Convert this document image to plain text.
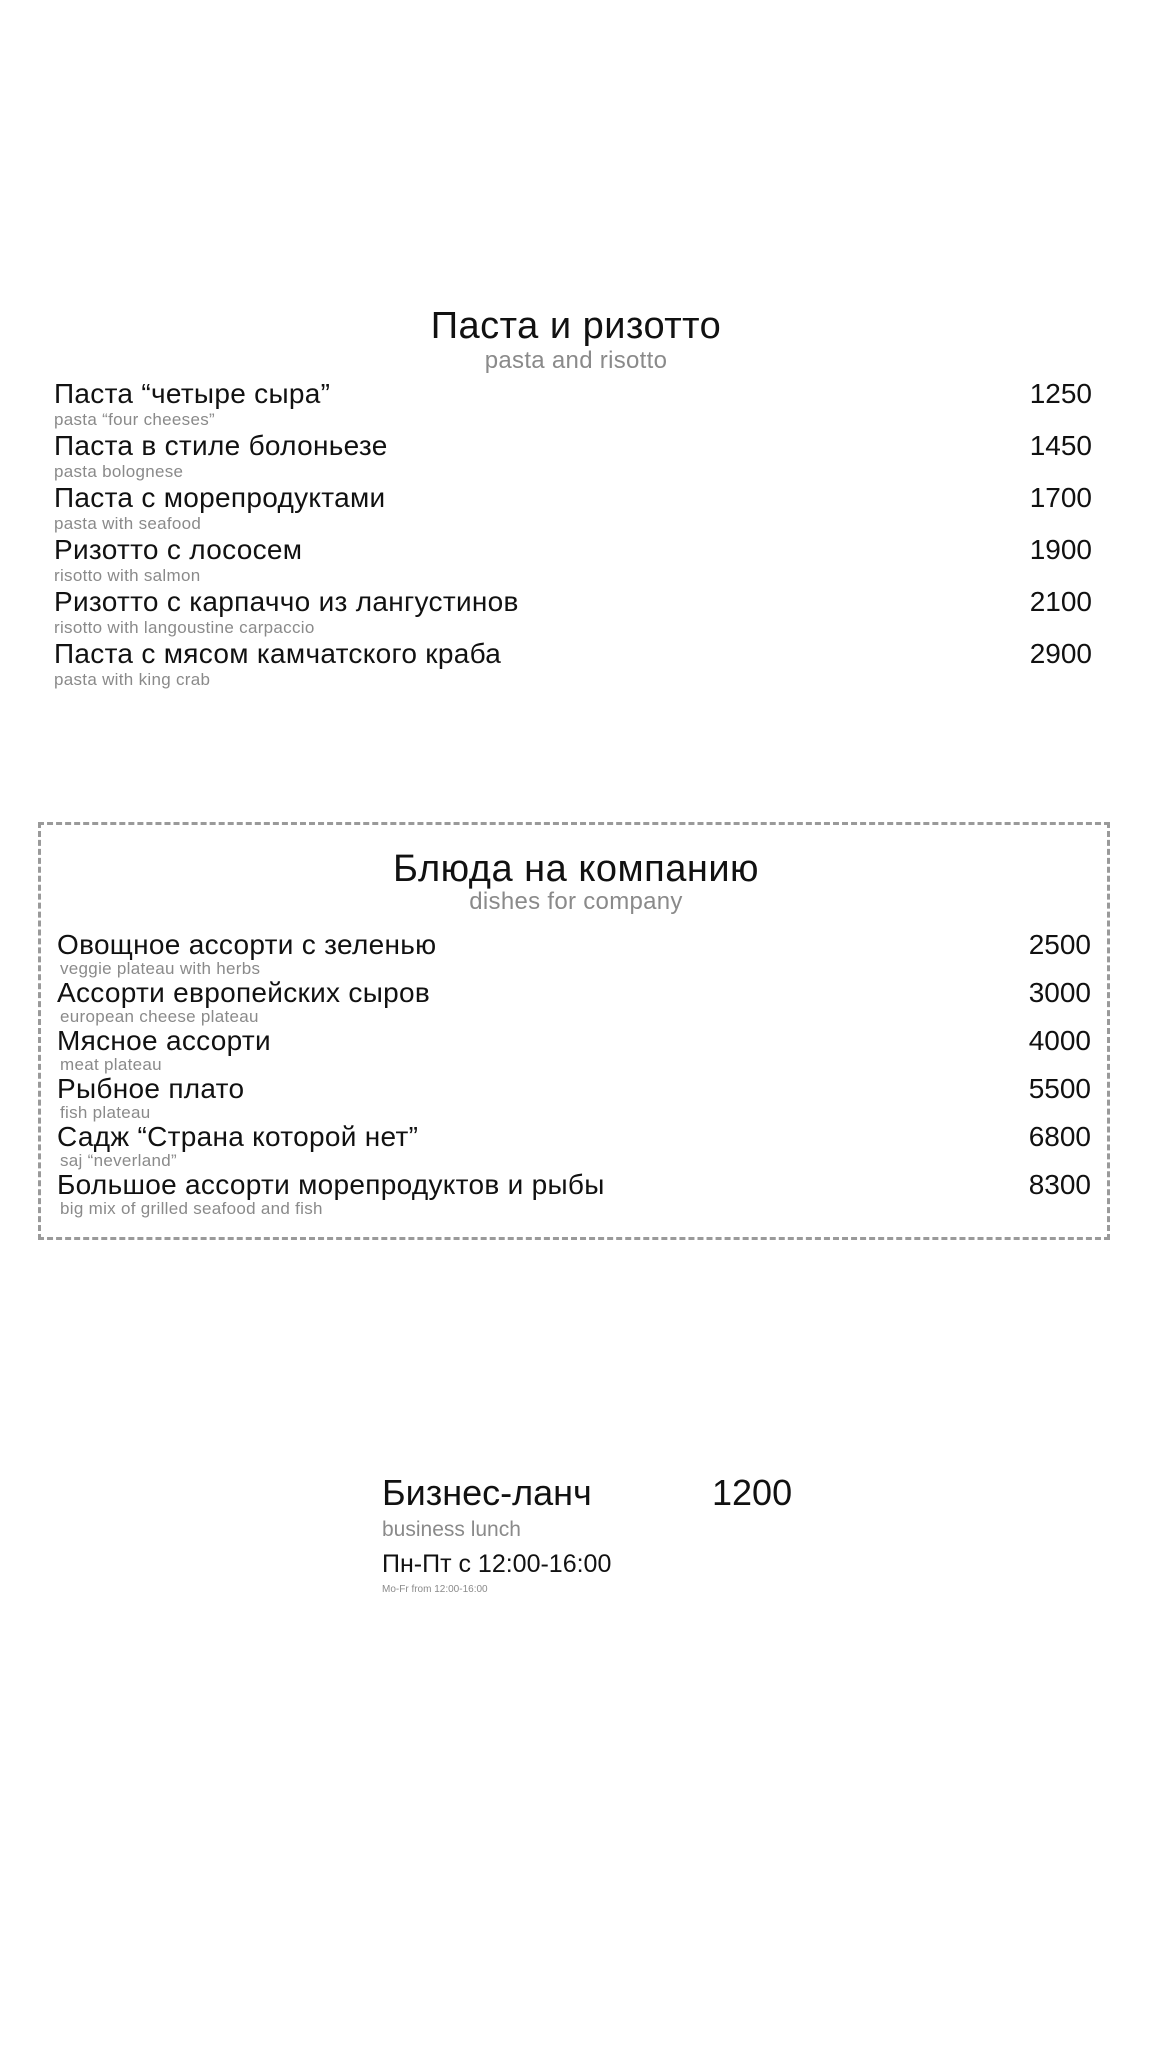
Паста и ризотто
pasta and risotto
Паста “четыре сыра”
pasta “four cheeses”
1250
Паста в стиле болоньезе
pasta bolognese
1450
Паста с морепродуктами
pasta with seafood
1700
Ризотто с лососем
risotto with salmon
1900
Ризотто с карпаччо из лангустинов
risotto with langoustine carpaccio
2100
Паста с мясом камчатского краба
pasta with king crab
2900
Блюда на компанию
dishes for company
Овощное ассорти с зеленью
veggie plateau with herbs
2500
Ассорти европейских сыров
european cheese plateau
3000
Мясное ассорти
meat plateau
4000
Рыбное плато
fish plateau
5500
Садж “Страна которой нет”
saj “neverland”
6800
Большое ассорти морепродуктов и рыбы
big mix of grilled seafood and fish
8300
Бизнес-ланч	1200
business lunch
Пн-Пт с 12:00-16:00
Mo-Fr from 12:00-16:00
